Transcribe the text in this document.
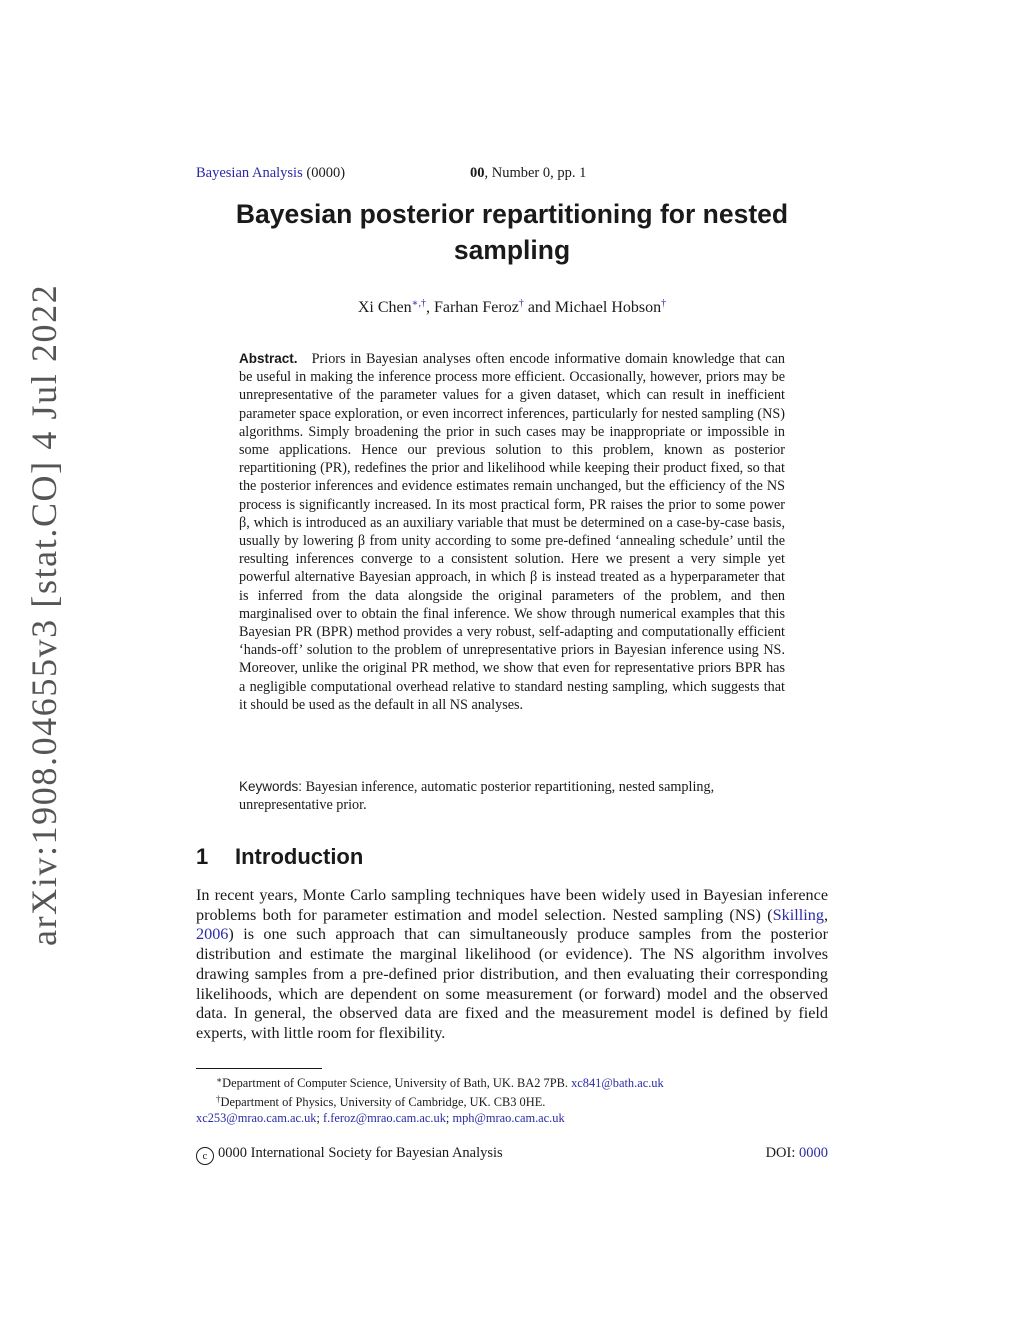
arXiv:1908.04655v3 [stat.CO] 4 Jul 2022
Bayesian Analysis (0000)	00, Number 0, pp. 1
Bayesian posterior repartitioning for nested sampling
Xi Chen∗,†, Farhan Feroz† and Michael Hobson†

Abstract. Priors in Bayesian analyses often encode informative domain knowledge that can be useful in making the inference process more efficient. Occasionally, however, priors may be unrepresentative of the parameter values for a given dataset, which can result in inefficient parameter space exploration, or even incorrect inferences, particularly for nested sampling (NS) algorithms. Simply broadening the prior in such cases may be inappropriate or impossible in some applications. Hence our previous solution to this problem, known as posterior repartitioning (PR), redefines the prior and likelihood while keeping their product fixed, so that the posterior inferences and evidence estimates remain unchanged, but the efficiency of the NS process is significantly increased. In its most practical form, PR raises the prior to some power β, which is introduced as an auxiliary variable that must be determined on a case-by-case basis, usually by lowering β from unity according to some pre-defined ‘annealing schedule’ until the resulting inferences converge to a consistent solution. Here we present a very simple yet powerful alternative Bayesian approach, in which β is instead treated as a hyperparameter that is inferred from the data alongside the original parameters of the problem, and then marginalised over to obtain the final inference. We show through numerical examples that this Bayesian PR (BPR) method provides a very robust, self-adapting and computationally efficient ‘hands-off’ solution to the problem of unrepresentative priors in Bayesian inference using NS. Moreover, unlike the original PR method, we show that even for representative priors BPR has a negligible computational overhead relative to standard nesting sampling, which suggests that it should be used as the default in all NS analyses.

Keywords: Bayesian inference, automatic posterior repartitioning, nested sampling, unrepresentative prior.

1 Introduction

In recent years, Monte Carlo sampling techniques have been widely used in Bayesian inference problems both for parameter estimation and model selection. Nested sampling (NS) (Skilling, 2006) is one such approach that can simultaneously produce samples from the posterior distribution and estimate the marginal likelihood (or evidence). The NS algorithm involves drawing samples from a pre-defined prior distribution, and then evaluating their corresponding likelihoods, which are dependent on some measurement (or forward) model and the observed data. In general, the observed data are fixed and the measurement model is defined by field experts, with little room for flexibility.

∗Department of Computer Science, University of Bath, UK. BA2 7PB. xc841@bath.ac.uk
†Department of Physics, University of Cambridge, UK. CB3 0HE.
xc253@mrao.cam.ac.uk; f.feroz@mrao.cam.ac.uk; mph@mrao.cam.ac.uk
c 0000 International Society for Bayesian Analysis	DOI: 0000
